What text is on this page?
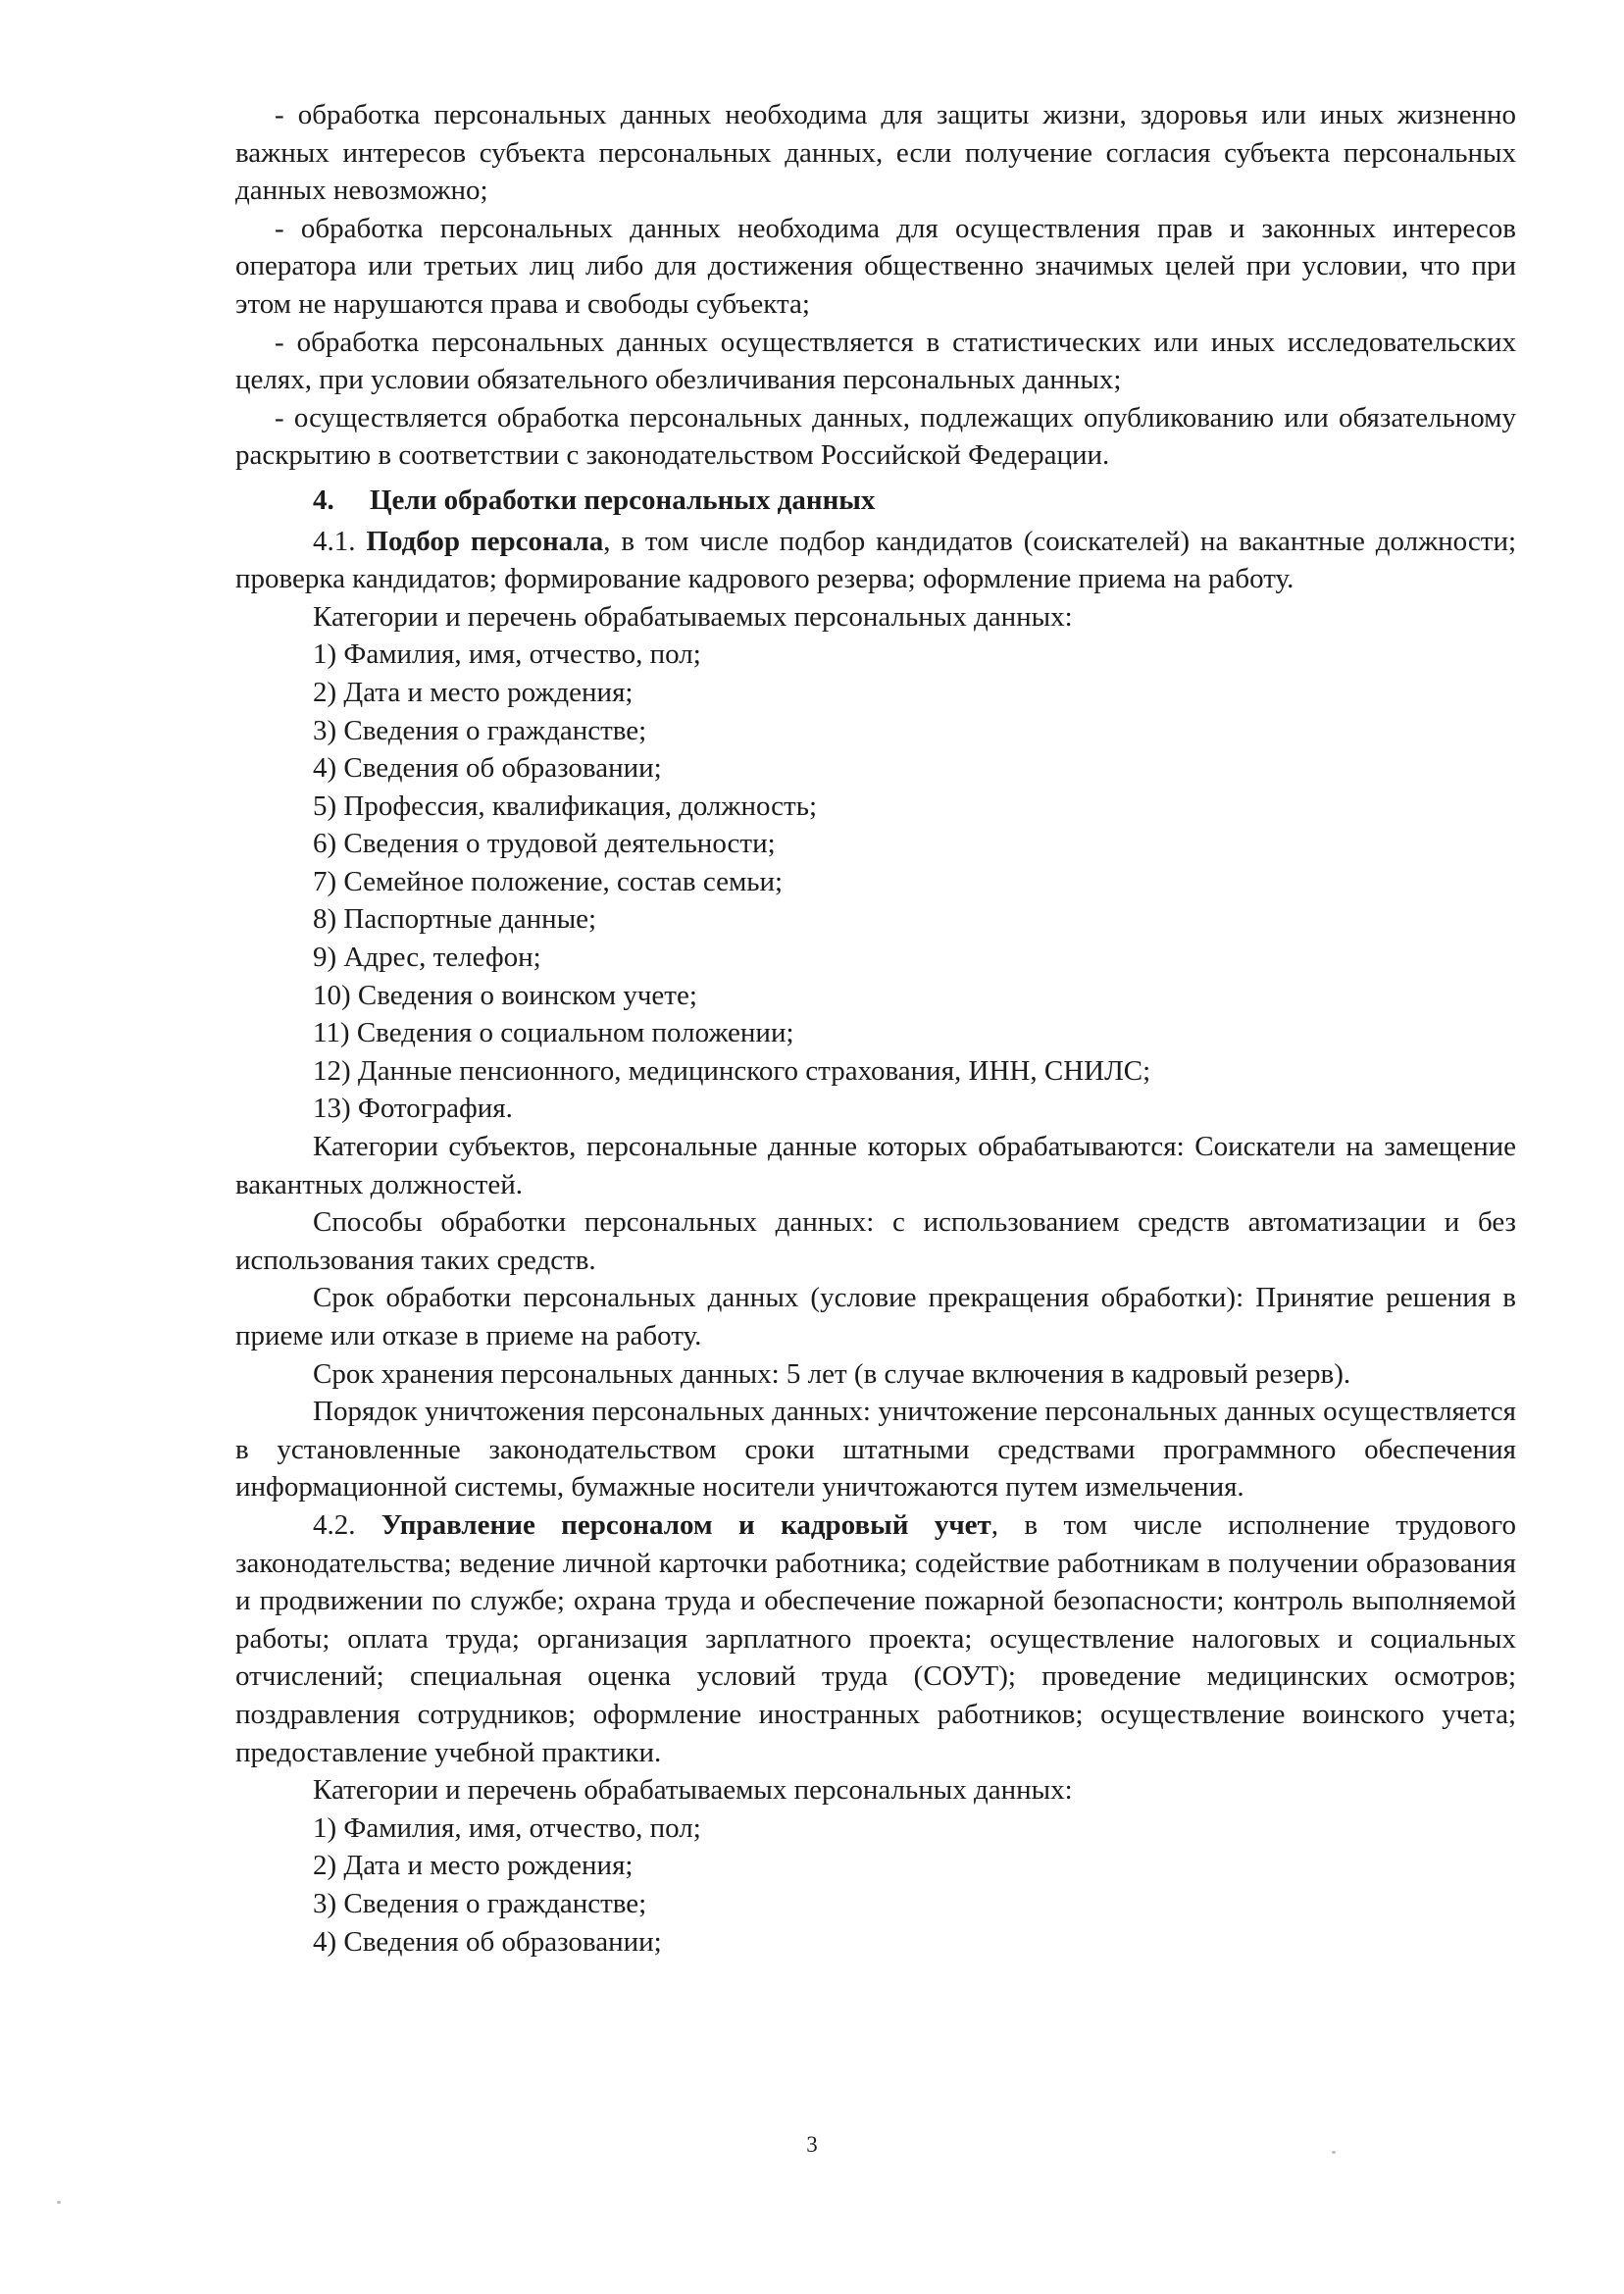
- обработка персональных данных необходима для защиты жизни, здоровья или иных жизненно важных интересов субъекта персональных данных, если получение согласия субъекта персональных данных невозможно;

- обработка персональных данных необходима для осуществления прав и законных интересов оператора или третьих лиц либо для достижения общественно значимых целей при условии, что при этом не нарушаются права и свободы субъекта;

- обработка персональных данных осуществляется в статистических или иных исследовательских целях, при условии обязательного обезличивания персональных данных;

- осуществляется обработка персональных данных, подлежащих опубликованию или обязательному раскрытию в соответствии с законодательством Российской Федерации.

4. Цели обработки персональных данных

4.1. Подбор персонала, в том числе подбор кандидатов (соискателей) на вакантные должности; проверка кандидатов; формирование кадрового резерва; оформление приема на работу.

Категории и перечень обрабатываемых персональных данных:

1) Фамилия, имя, отчество, пол;
2) Дата и место рождения;
3) Сведения о гражданстве;
4) Сведения об образовании;
5) Профессия, квалификация, должность;
6) Сведения о трудовой деятельности;
7) Семейное положение, состав семьи;
8) Паспортные данные;
9) Адрес, телефон;
10) Сведения о воинском учете;
11) Сведения о социальном положении;
12) Данные пенсионного, медицинского страхования, ИНН, СНИЛС;
13) Фотография.

Категории субъектов, персональные данные которых обрабатываются: Соискатели на замещение вакантных должностей.

Способы обработки персональных данных: с использованием средств автоматизации и без использования таких средств.

Срок обработки персональных данных (условие прекращения обработки): Принятие решения в приеме или отказе в приеме на работу.

Срок хранения персональных данных: 5 лет (в случае включения в кадровый резерв).

Порядок уничтожения персональных данных: уничтожение персональных данных осуществляется в установленные законодательством сроки штатными средствами программного обеспечения информационной системы, бумажные носители уничтожаются путем измельчения.

4.2. Управление персоналом и кадровый учет, в том числе исполнение трудового законодательства; ведение личной карточки работника; содействие работникам в получении образования и продвижении по службе; охрана труда и обеспечение пожарной безопасности; контроль выполняемой работы; оплата труда; организация зарплатного проекта; осуществление налоговых и социальных отчислений; специальная оценка условий труда (СОУТ); проведение медицинских осмотров; поздравления сотрудников; оформление иностранных работников; осуществление воинского учета; предоставление учебной практики.

Категории и перечень обрабатываемых персональных данных:

1) Фамилия, имя, отчество, пол;
2) Дата и место рождения;
3) Сведения о гражданстве;
4) Сведения об образовании;
3
